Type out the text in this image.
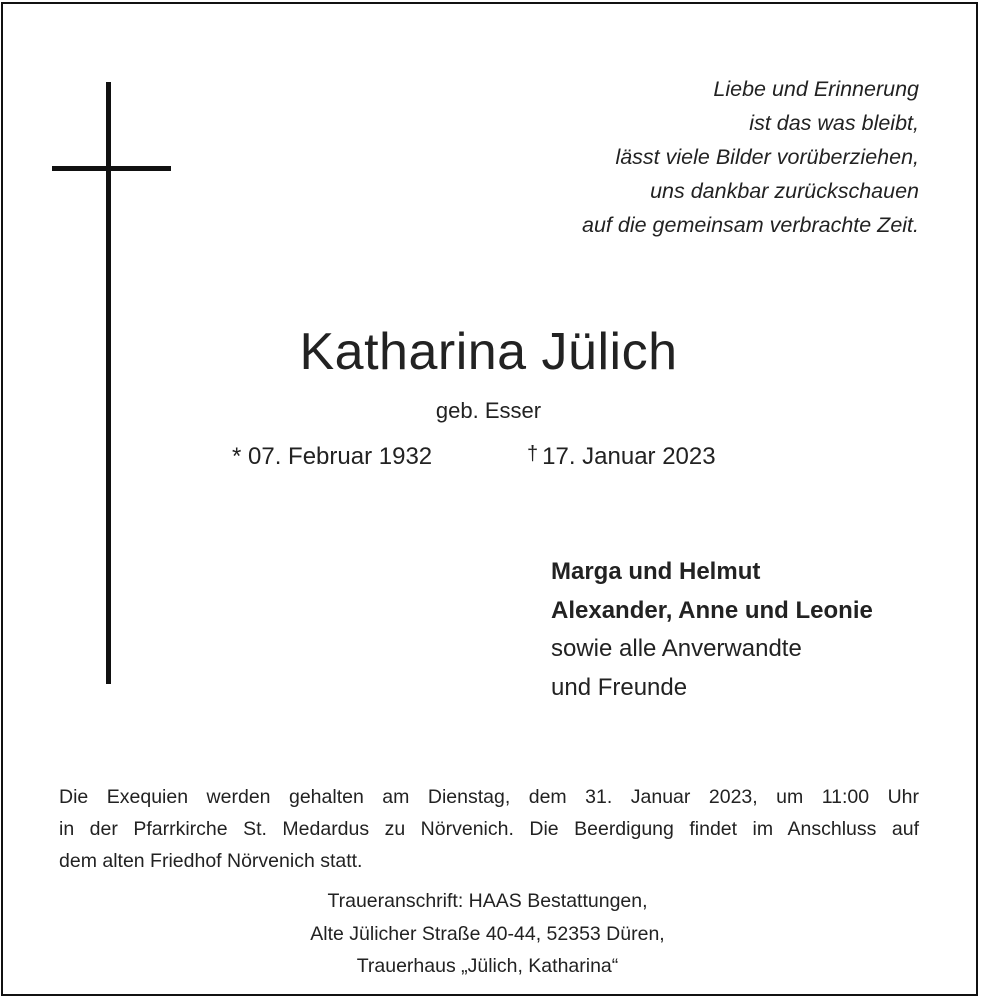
Liebe und Erinnerung
ist das was bleibt,
lässt viele Bilder vorüberziehen,
uns dankbar zurückschauen
auf die gemeinsam verbrachte Zeit.
Katharina Jülich
geb. Esser
* 07. Februar 1932	† 17. Januar 2023
Marga und Helmut
Alexander, Anne und Leonie
sowie alle Anverwandte
und Freunde
Die Exequien werden gehalten am Dienstag, dem 31. Januar 2023, um 11:00 Uhr
in der Pfarrkirche St. Medardus zu Nörvenich. Die Beerdigung findet im Anschluss auf
dem alten Friedhof Nörvenich statt.
Traueranschrift: HAAS Bestattungen,
Alte Jülicher Straße 40-44, 52353 Düren,
Trauerhaus „Jülich, Katharina“
